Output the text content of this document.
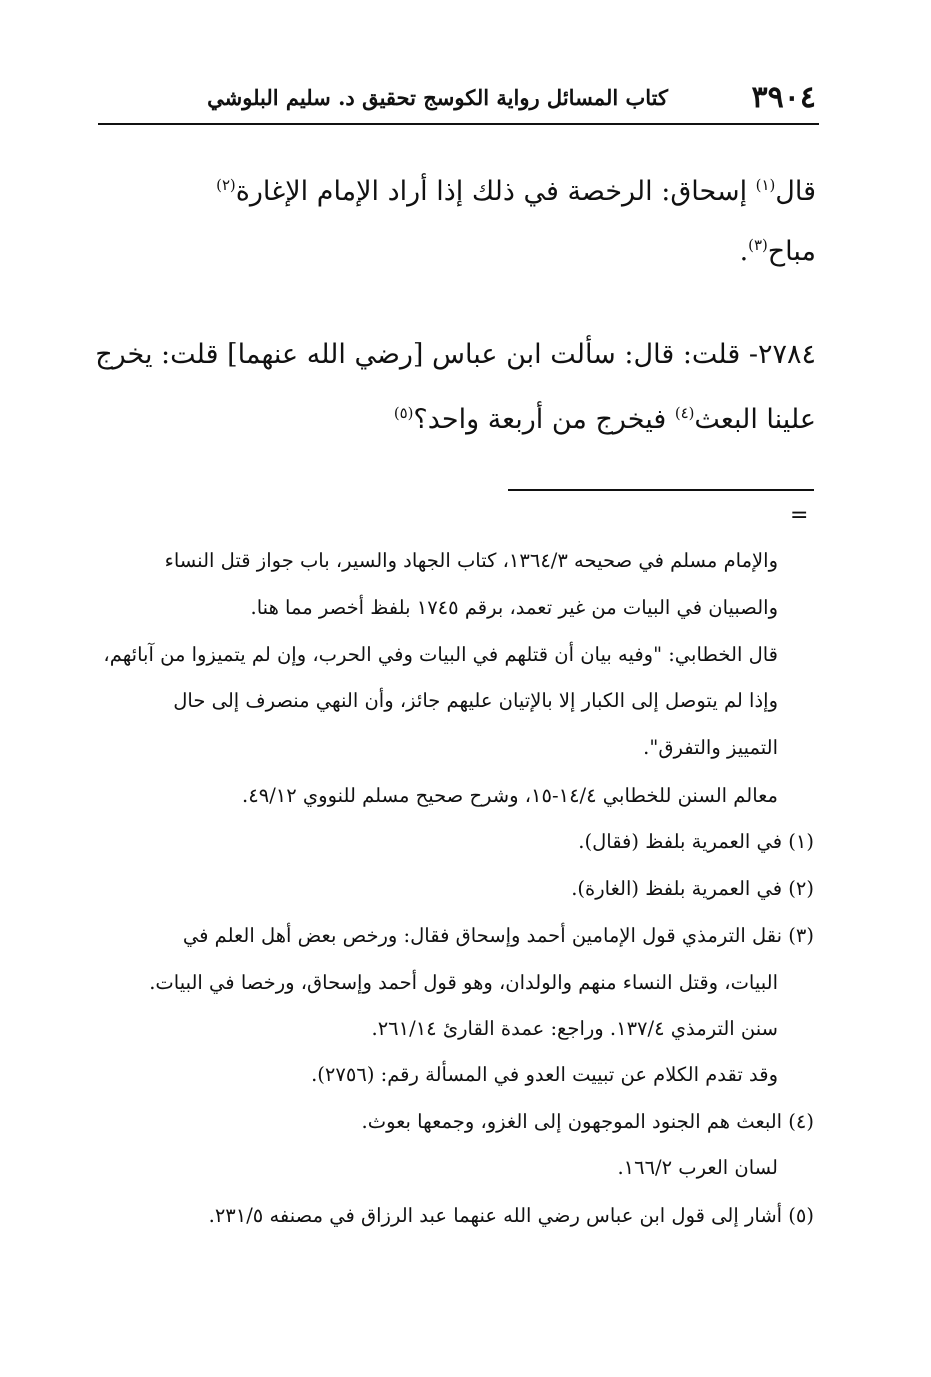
٣٩٠٤
كتاب المسائل رواية الكوسج تحقيق د. سليم البلوشي
قال$^{(١)}$ إسحاق: الرخصة في ذلك إذا أراد الإمام الإغارة$^{(٢)}$
مباح$^{(٣)}$.
٢٧٨٤- قلت: قال: سألت ابن عباس [رضي الله عنهما] قلت: يخرج
علينا البعث$^{(٤)}$ فيخرج من أربعة واحد؟$^{(٥)}$
=
والإمام مسلم في صحيحه ١٣٦٤/٣، كتاب الجهاد والسير، باب جواز قتل النساء
والصبيان في البيات من غير تعمد، برقم ١٧٤٥ بلفظ أخصر مما هنا.
قال الخطابي: "وفيه بيان أن قتلهم في البيات وفي الحرب، وإن لم يتميزوا من آبائهم،
وإذا لم يتوصل إلى الكبار إلا بالإتيان عليهم جائز، وأن النهي منصرف إلى حال
التمييز والتفرق".
معالم السنن للخطابي ١٤/٤-١٥، وشرح صحيح مسلم للنووي ٤٩/١٢.
(١) في العمرية بلفظ (فقال).
(٢) في العمرية بلفظ (الغارة).
(٣) نقل الترمذي قول الإمامين أحمد وإسحاق فقال: ورخص بعض أهل العلم في
البيات، وقتل النساء منهم والولدان، وهو قول أحمد وإسحاق، ورخصا في البيات.
سنن الترمذي ١٣٧/٤. وراجع: عمدة القارئ ٢٦١/١٤.
وقد تقدم الكلام عن تبييت العدو في المسألة رقم: (٢٧٥٦).
(٤) البعث هم الجنود الموجهون إلى الغزو، وجمعها بعوث.
لسان العرب ١٦٦/٢.
(٥) أشار إلى قول ابن عباس رضي الله عنهما عبد الرزاق في مصنفه ٢٣١/٥.
